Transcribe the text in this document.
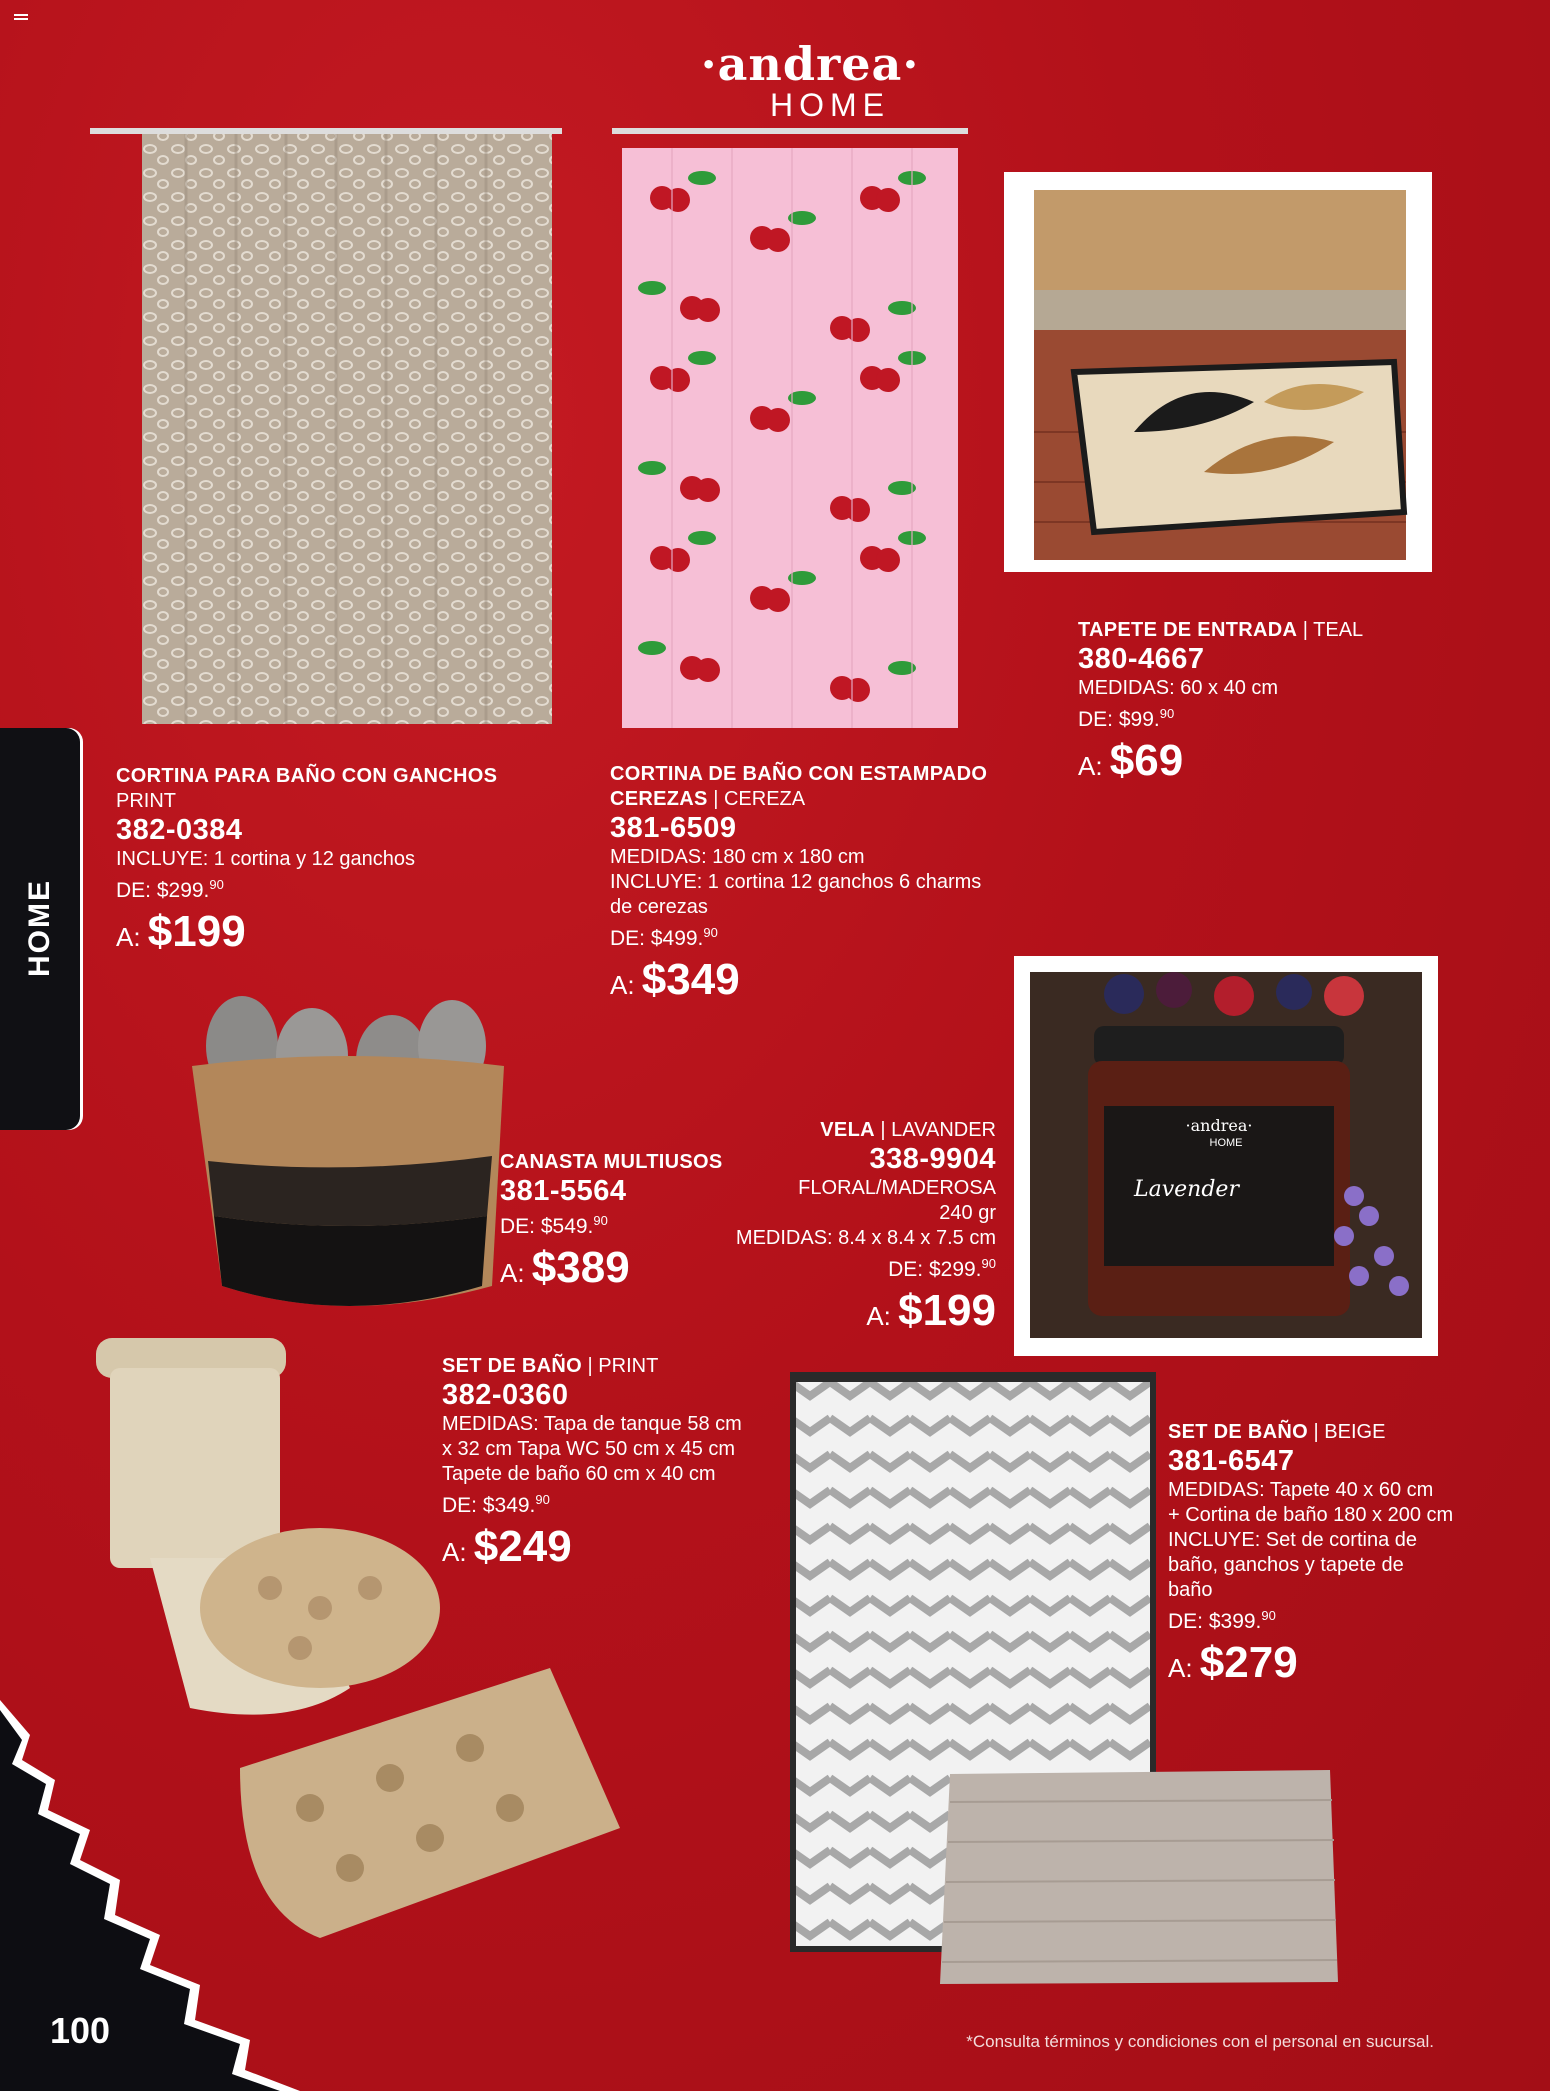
·andrea·
HOME
HOME
·andrea·
HOME
Lavender
CORTINA PARA BAÑO CON GANCHOS
PRINT
382-0384
INCLUYE: 1 cortina y 12 ganchos
DE: $299.90
A: $199
CORTINA DE BAÑO CON ESTAMPADO
CEREZAS | CEREZA
381-6509
MEDIDAS: 180 cm x 180 cm
INCLUYE: 1 cortina 12 ganchos 6 charms
de cerezas
DE: $499.90
A: $349
TAPETE DE ENTRADA | TEAL
380-4667
MEDIDAS: 60 x 40 cm
DE: $99.90
A: $69
CANASTA MULTIUSOS
381-5564
DE: $549.90
A: $389
VELA | LAVANDER
338-9904
FLORAL/MADEROSA
240 gr
MEDIDAS: 8.4 x 8.4 x 7.5 cm
DE: $299.90
A: $199
SET DE BAÑO | PRINT
382-0360
MEDIDAS: Tapa de tanque 58 cm
x 32 cm Tapa WC 50 cm x 45 cm
Tapete de baño 60 cm x 40 cm
DE: $349.90
A: $249
SET DE BAÑO | BEIGE
381-6547
MEDIDAS: Tapete 40 x 60 cm
+ Cortina de baño 180 x 200 cm
INCLUYE: Set de cortina de
baño, ganchos y tapete de
baño
DE: $399.90
A: $279
100	*Consulta términos y condiciones con el personal en sucursal.
